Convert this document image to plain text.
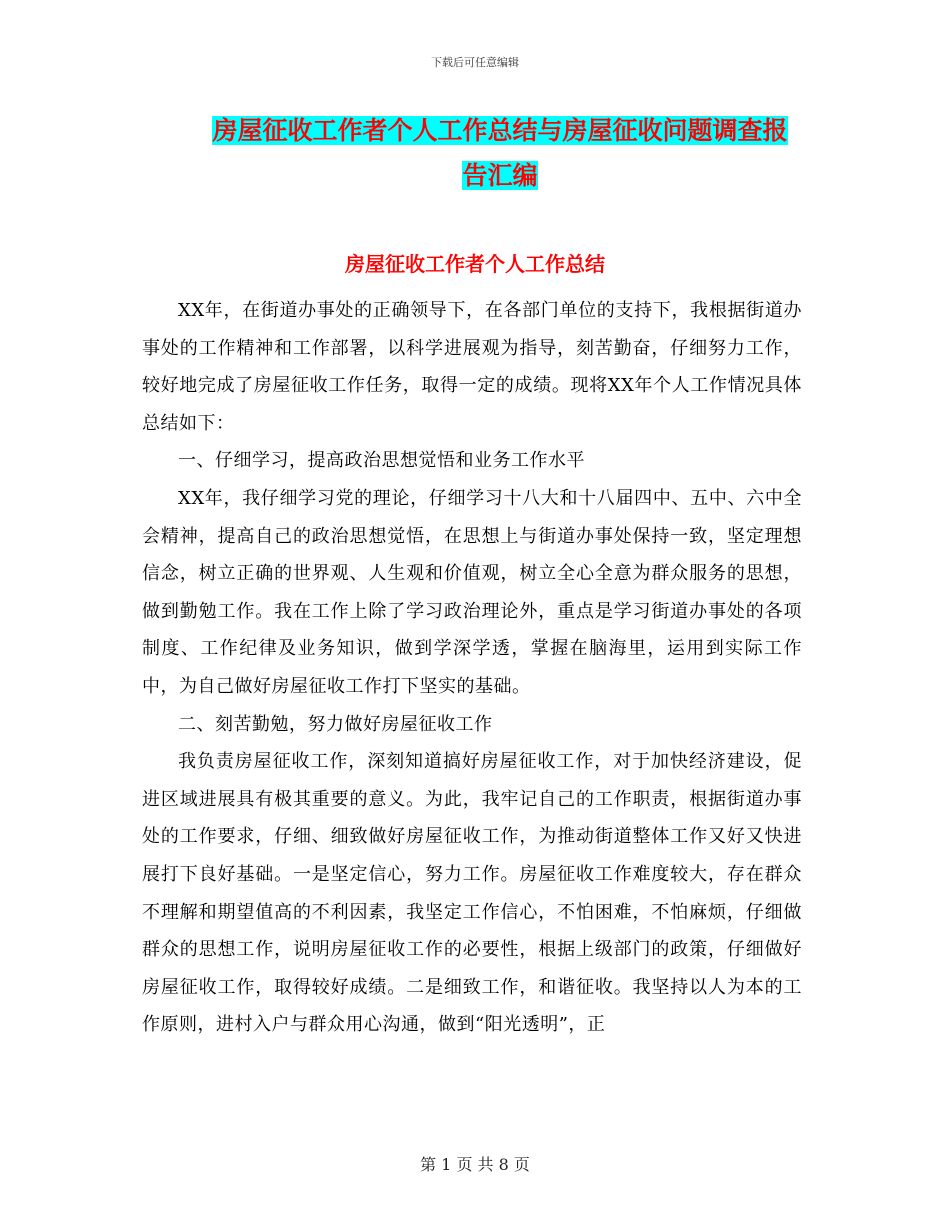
下载后可任意编辑
房屋征收工作者个人工作总结与房屋征收问题调查报
告汇编
房屋征收工作者个人工作总结

XX年，在街道办事处的正确领导下，在各部门单位的支持下，我根据街道办事处的工作精神和工作部署，以科学进展观为指导，刻苦勤奋，仔细努力工作，较好地完成了房屋征收工作任务，取得一定的成绩。现将XX年个人工作情况具体总结如下：

一、仔细学习，提高政治思想觉悟和业务工作水平

XX年，我仔细学习党的理论，仔细学习十八大和十八届四中、五中、六中全会精神，提高自己的政治思想觉悟，在思想上与街道办事处保持一致，坚定理想信念，树立正确的世界观、人生观和价值观，树立全心全意为群众服务的思想，做到勤勉工作。我在工作上除了学习政治理论外，重点是学习街道办事处的各项制度、工作纪律及业务知识，做到学深学透，掌握在脑海里，运用到实际工作中，为自己做好房屋征收工作打下坚实的基础。

二、刻苦勤勉，努力做好房屋征收工作

我负责房屋征收工作，深刻知道搞好房屋征收工作，对于加快经济建设，促进区域进展具有极其重要的意义。为此，我牢记自己的工作职责，根据街道办事处的工作要求，仔细、细致做好房屋征收工作，为推动街道整体工作又好又快进展打下良好基础。一是坚定信心，努力工作。房屋征收工作难度较大，存在群众不理解和期望值高的不利因素，我坚定工作信心，不怕困难，不怕麻烦，仔细做群众的思想工作，说明房屋征收工作的必要性，根据上级部门的政策，仔细做好房屋征收工作，取得较好成绩。二是细致工作，和谐征收。我坚持以人为本的工作原则，进村入户与群众用心沟通，做到“阳光透明”，正

第 1 页 共 8 页
